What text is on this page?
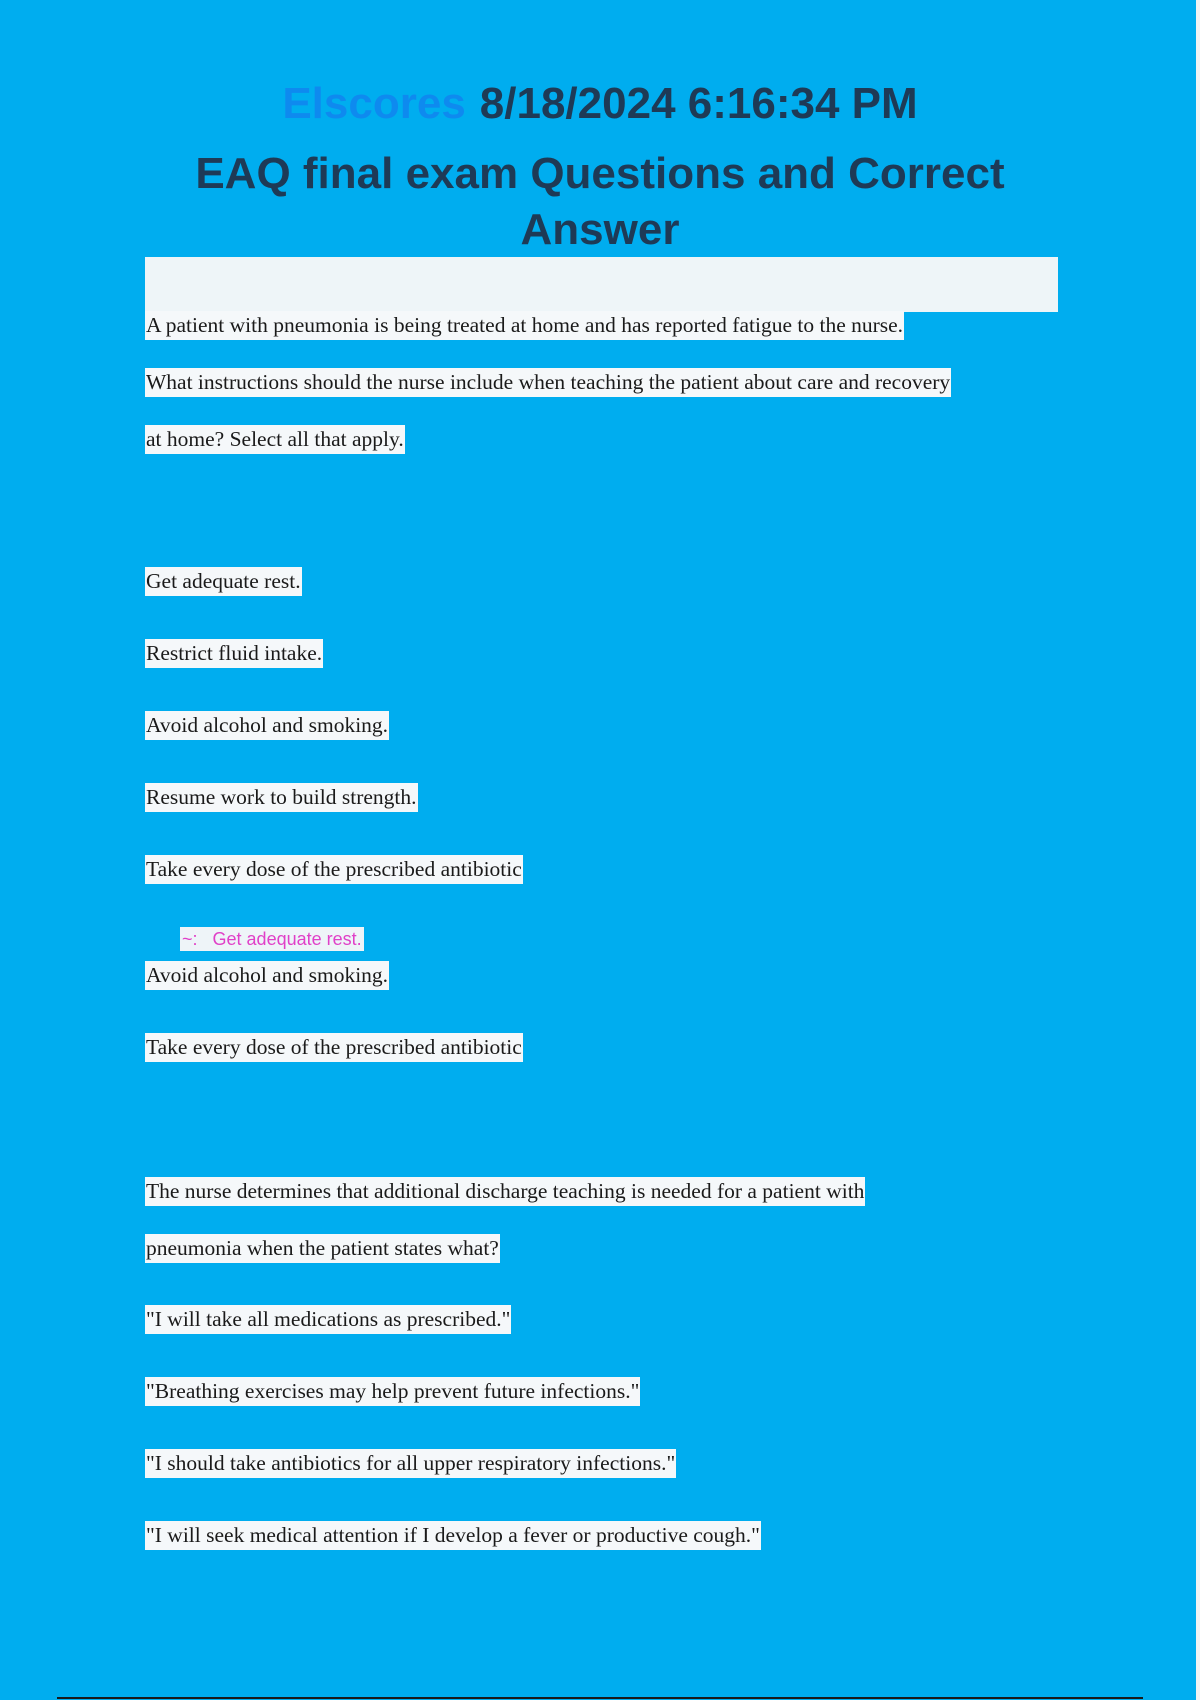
Elscores 8/18/2024 6:16:34 PM
EAQ final exam Questions and Correct Answer
A patient with pneumonia is being treated at home and has reported fatigue to the nurse.
What instructions should the nurse include when teaching the patient about care and recovery
at home? Select all that apply.
Get adequate rest.
Restrict fluid intake.
Avoid alcohol and smoking.
Resume work to build strength.
Take every dose of the prescribed antibiotic
~: Get adequate rest.
Avoid alcohol and smoking.
Take every dose of the prescribed antibiotic
The nurse determines that additional discharge teaching is needed for a patient with
pneumonia when the patient states what?
"I will take all medications as prescribed."
"Breathing exercises may help prevent future infections."
"I should take antibiotics for all upper respiratory infections."
"I will seek medical attention if I develop a fever or productive cough."
